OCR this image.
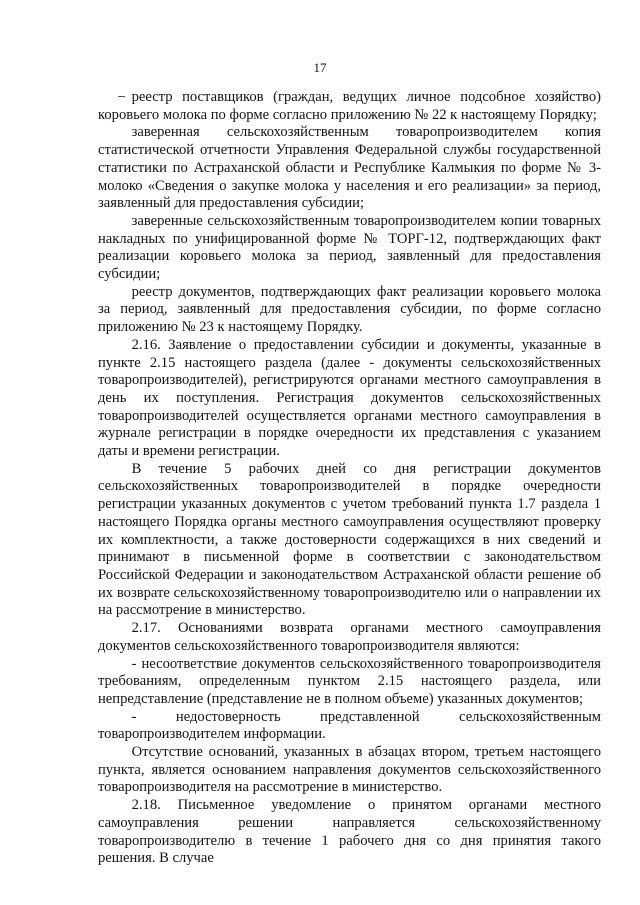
17

реестр поставщиков (граждан, ведущих личное подсобное хозяйство) коровьего молока по форме согласно приложению № 22 к настоящему Порядку;

заверенная сельскохозяйственным товаропроизводителем копия статистической отчетности Управления Федеральной службы государственной статистики по Астраханской области и Республике Калмыкия по форме № 3-молоко «Сведения о закупке молока у населения и его реализации» за период, заявленный для предоставления субсидии;

заверенные сельскохозяйственным товаропроизводителем копии товарных накладных по унифицированной форме № ТОРГ-12, подтверждающих факт реализации коровьего молока за период, заявленный для предоставления субсидии;

реестр документов, подтверждающих факт реализации коровьего молока за период, заявленный для предоставления субсидии, по форме согласно приложению № 23 к настоящему Порядку.

2.16. Заявление о предоставлении субсидии и документы, указанные в пункте 2.15 настоящего раздела (далее - документы сельскохозяйственных товаропроизводителей), регистрируются органами местного самоуправления в день их поступления. Регистрация документов сельскохозяйственных товаропроизводителей осуществляется органами местного самоуправления в журнале регистрации в порядке очередности их представления с указанием даты и времени регистрации.

В течение 5 рабочих дней со дня регистрации документов сельскохозяйственных товаропроизводителей в порядке очередности регистрации указанных документов с учетом требований пункта 1.7 раздела 1 настоящего Порядка органы местного самоуправления осуществляют проверку их комплектности, а также достоверности содержащихся в них сведений и принимают в письменной форме в соответствии с законодательством Российской Федерации и законодательством Астраханской области решение об их возврате сельскохозяйственному товаропроизводителю или о направлении их на рассмотрение в министерство.

2.17. Основаниями возврата органами местного самоуправления документов сельскохозяйственного товаропроизводителя являются:

- несоответствие документов сельскохозяйственного товаропроизводителя требованиям, определенным пунктом 2.15 настоящего раздела, или непредставление (представление не в полном объеме) указанных документов;

- недостоверность представленной сельскохозяйственным товаропроизводителем информации.

Отсутствие оснований, указанных в абзацах втором, третьем настоящего пункта, является основанием направления документов сельскохозяйственного товаропроизводителя на рассмотрение в министерство.

2.18. Письменное уведомление о принятом органами местного самоуправления решении направляется сельскохозяйственному товаропроизводителю в течение 1 рабочего дня со дня принятия такого решения. В случае
